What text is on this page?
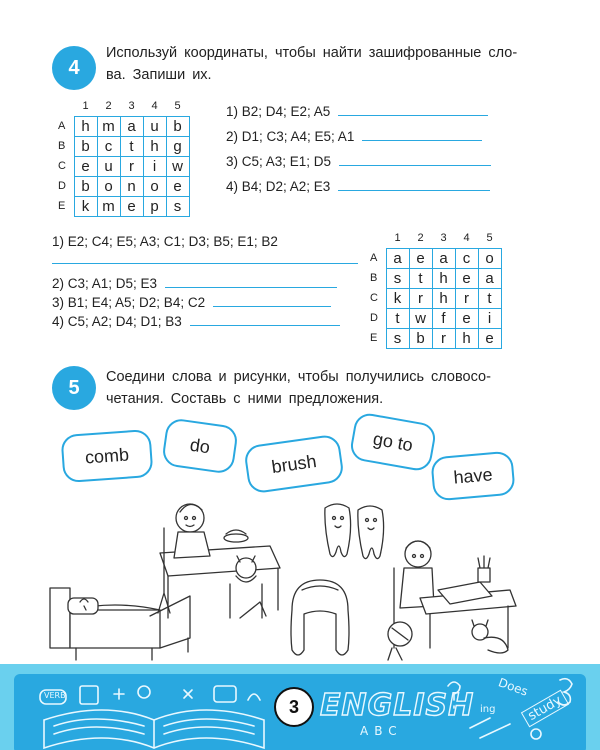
4
Используй координаты, чтобы найти зашифрованные сло-
ва. Запиши их.
	1	2	3	4	5
A	h	m	a	u	b
B	b	c	t	h	g
C	e	u	r	i	w
D	b	o	n	o	e
E	k	m	e	p	s
1) B2; D4; E2; A5
2) D1; C3; A4; E5; A1
3) C5; A3; E1; D5
4) B4; D2; A2; E3
1) E2; C4; E5; A3; C1; D3; B5; E1; B2
2) C3; A1; D5; E3
3) B1; E4; A5; D2; B4; C2
4) C5; A2; D4; D1; B3
	1	2	3	4	5
A	a	e	a	c	o
B	s	t	h	e	a
C	k	r	h	r	t
D	t	w	f	e	i
E	s	b	r	h	e
5	Соедини слова и рисунки, чтобы получились словосо-
четания. Составь с ними предложения.
comb	do
brush
go to
have
VERB	ENGLISH
ABC
Does
ing	study
3
